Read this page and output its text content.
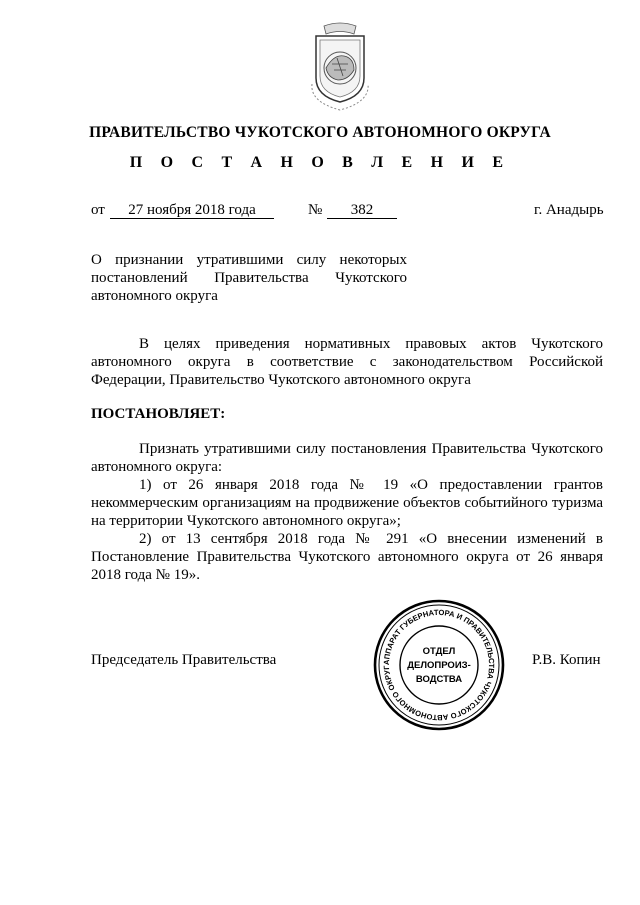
ПРАВИТЕЛЬСТВО ЧУКОТСКОГО АВТОНОМНОГО ОКРУГА
П О С Т А Н О В Л Е Н И Е
от	27 ноября 2018 года	№	382	г. Анадырь
О признании утратившими силу некоторых постановлений Правительства Чукотского автономного округа

В целях приведения нормативных правовых актов Чукотского автономного округа в соответствие с законодательством Российской Федерации, Правительство Чукотского автономного округа

ПОСТАНОВЛЯЕТ:

Признать утратившими силу постановления Правительства Чукотского автономного округа:

1) от 26 января 2018 года № 19 «О предоставлении грантов некоммерческим организациям на продвижение объектов событийного туризма на территории Чукотского автономного округа»;

2) от 13 сентября 2018 года № 291 «О внесении изменений в Постановление Правительства Чукотского автономного округа от 26 января 2018 года № 19».

Председатель Правительства	Р.В. Копин
АППАРАТ ГУБЕРНАТОРА И ПРАВИТЕЛЬСТВА ЧУКОТСКОГО АВТОНОМНОГО ОКРУГ
ОТДЕЛ
ДЕЛОПРОИЗ-
ВОДСТВА
